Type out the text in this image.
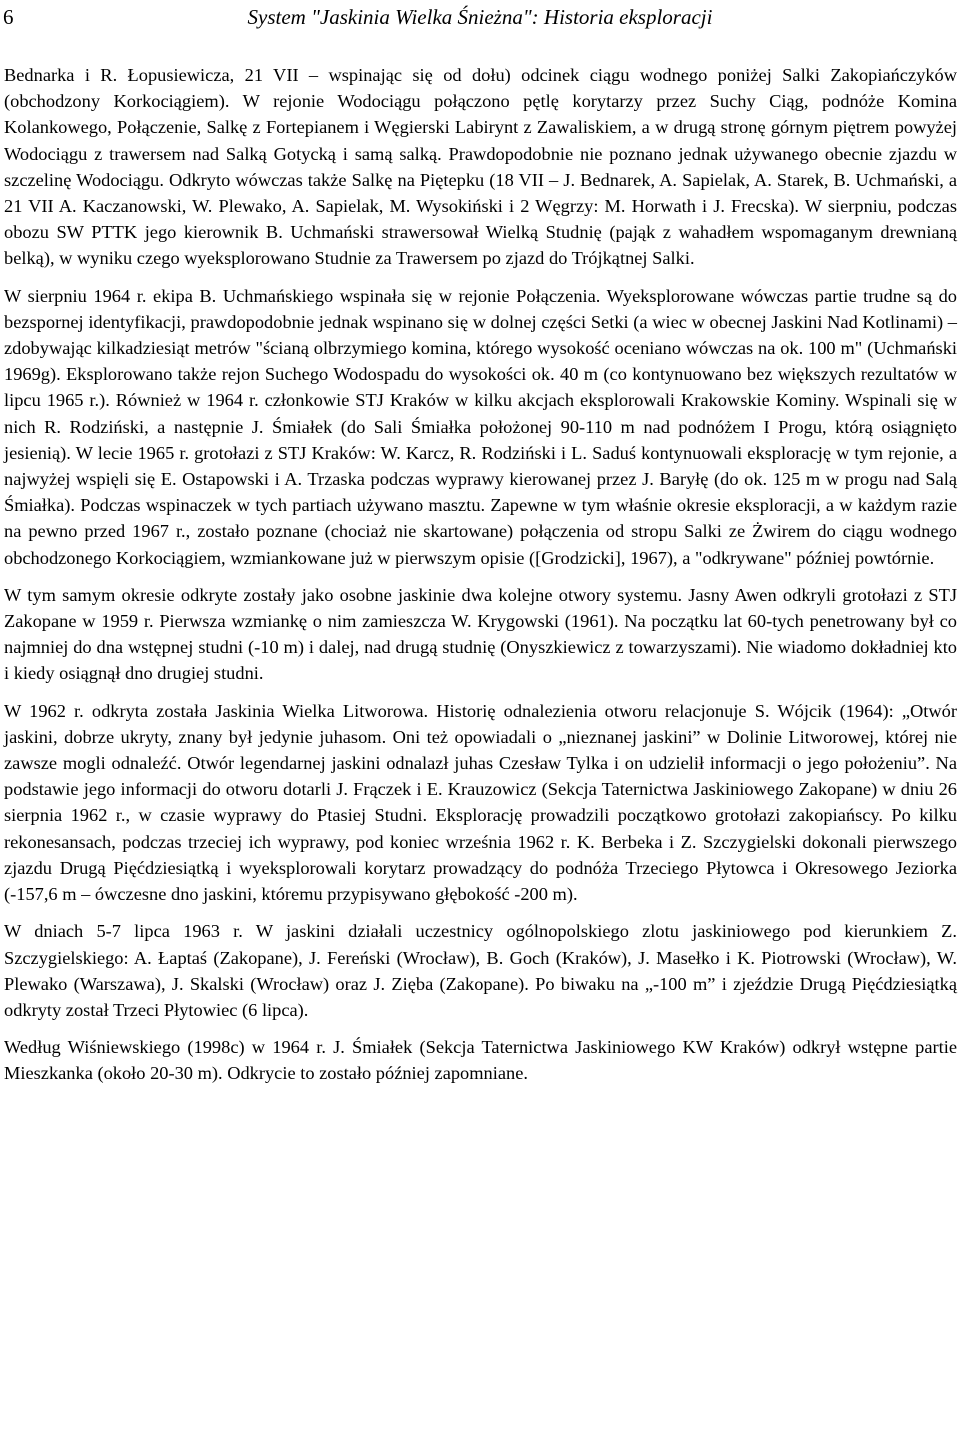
6	System "Jaskinia Wielka Śnieżna": Historia eksploracji

Bednarka i R. Łopusiewicza, 21 VII – wspinając się od dołu) odcinek ciągu wodnego poniżej Salki Zakopiańczyków (obchodzony Korkociągiem). W rejonie Wodociągu połączono pętlę korytarzy przez Suchy Ciąg, podnóże Komina Kolankowego, Połączenie, Salkę z Fortepianem i Węgierski Labirynt z Zawaliskiem, a w drugą stronę górnym piętrem powyżej Wodociągu z trawersem nad Salką Gotycką i samą salką. Prawdopodobnie nie poznano jednak używanego obecnie zjazdu w szczelinę Wodociągu. Odkryto wówczas także Salkę na Piętерku (18 VII – J. Bednarek, A. Sapielak, A. Starek, B. Uchmański, a 21 VII A. Kaczanowski, W. Plewako, A. Sapielak, M. Wysokiński i 2 Węgrzy: M. Horwath i J. Frecska). W sierpniu, podczas obozu SW PTTK jego kierownik B. Uchmański strawersował Wielką Studnię (pająk z wahadłem wspomaganym drewnianą belką), w wyniku czego wyeksplorowano Studnie za Trawersem po zjazd do Trójkątnej Salki.

W sierpniu 1964 r. ekipa B. Uchmańskiego wspinała się w rejonie Połączenia. Wyeksplorowane wówczas partie trudne są do bezspornej identyfikacji, prawdopodobnie jednak wspinano się w dolnej części Setki (a wiec w obecnej Jaskini Nad Kotlinami) – zdobywając kilkadziesiąt metrów "ścianą olbrzymiego komina, którego wysokość oceniano wówczas na ok. 100 m" (Uchmański 1969g). Eksplorowano także rejon Suchego Wodospadu do wysokości ok. 40 m (co kontynuowano bez większych rezultatów w lipcu 1965 r.). Również w 1964 r. członkowie STJ Kraków w kilku akcjach eksplorowali Krakowskie Kominy. Wspinali się w nich R. Rodziński, a następnie J. Śmiałek (do Sali Śmiałka położonej 90-110 m nad podnóżem I Progu, którą osiągnięto jesienią). W lecie 1965 r. grotołazi z STJ Kraków: W. Karcz, R. Rodziński i L. Saduś kontynuowali eksplorację w tym rejonie, a najwyżej wspięli się E. Ostapowski i A. Trzaska podczas wyprawy kierowanej przez J. Baryłę (do ok. 125 m w progu nad Salą Śmiałka). Podczas wspinaczek w tych partiach używano masztu. Zapewne w tym właśnie okresie eksploracji, a w każdym razie na pewno przed 1967 r., zostało poznane (chociaż nie skartowane) połączenia od stropu Salki ze Żwirem do ciągu wodnego obchodzonego Korkociągiem, wzmiankowane już w pierwszym opisie ([Grodzicki], 1967), a "odkrywane" później powtórnie.

W tym samym okresie odkryte zostały jako osobne jaskinie dwa kolejne otwory systemu. Jasny Awen odkryli grotołazi z STJ Zakopane w 1959 r. Pierwsza wzmiankę o nim zamieszcza W. Krygowski (1961). Na początku lat 60-tych penetrowany był co najmniej do dna wstępnej studni (-10 m) i dalej, nad drugą studnię (Onyszkiewicz z towarzyszami). Nie wiadomo dokładniej kto i kiedy osiągnął dno drugiej studni.

W 1962 r. odkryta została Jaskinia Wielka Litworowa. Historię odnalezienia otworu relacjonuje S. Wójcik (1964): „Otwór jaskini, dobrze ukryty, znany był jedynie juhasom. Oni też opowiadali o „nieznanej jaskini” w Dolinie Litworowej, której nie zawsze mogli odnaleźć. Otwór legendarnej jaskini odnalazł juhas Czesław Tylka i on udzielił informacji o jego położeniu”. Na podstawie jego informacji do otworu dotarli J. Frączek i E. Krauzowicz (Sekcja Taternictwa Jaskiniowego Zakopane) w dniu 26 sierpnia 1962 r., w czasie wyprawy do Ptasiej Studni. Eksplorację prowadzili początkowo grotołazi zakopiańscy. Po kilku rekonesansach, podczas trzeciej ich wyprawy, pod koniec września 1962 r. K. Berbeka i Z. Szczygielski dokonali pierwszego zjazdu Drugą Pięćdziesiątką i wyeksplorowali korytarz prowadzący do podnóża Trzeciego Płytowca i Okresowego Jeziorka (-157,6 m – ówczesne dno jaskini, któremu przypisywano głębokość -200 m).

W dniach 5-7 lipca 1963 r. W jaskini działali uczestnicy ogólnopolskiego zlotu jaskiniowego pod kierunkiem Z. Szczygielskiego: A. Łaptaś (Zakopane), J. Fereński (Wrocław), B. Goch (Kraków), J. Masełko i K. Piotrowski (Wrocław), W. Plewako (Warszawa), J. Skalski (Wrocław) oraz J. Zięba (Zakopane). Po biwaku na „-100 m” i zjeździe Drugą Pięćdziesiątką odkryty został Trzeci Płytowiec (6 lipca).

Według Wiśniewskiego (1998c) w 1964 r. J. Śmiałek (Sekcja Taternictwa Jaskiniowego KW Kraków) odkrył wstępne partie Mieszkanka (około 20-30 m). Odkrycie to zostało później zapomniane.
